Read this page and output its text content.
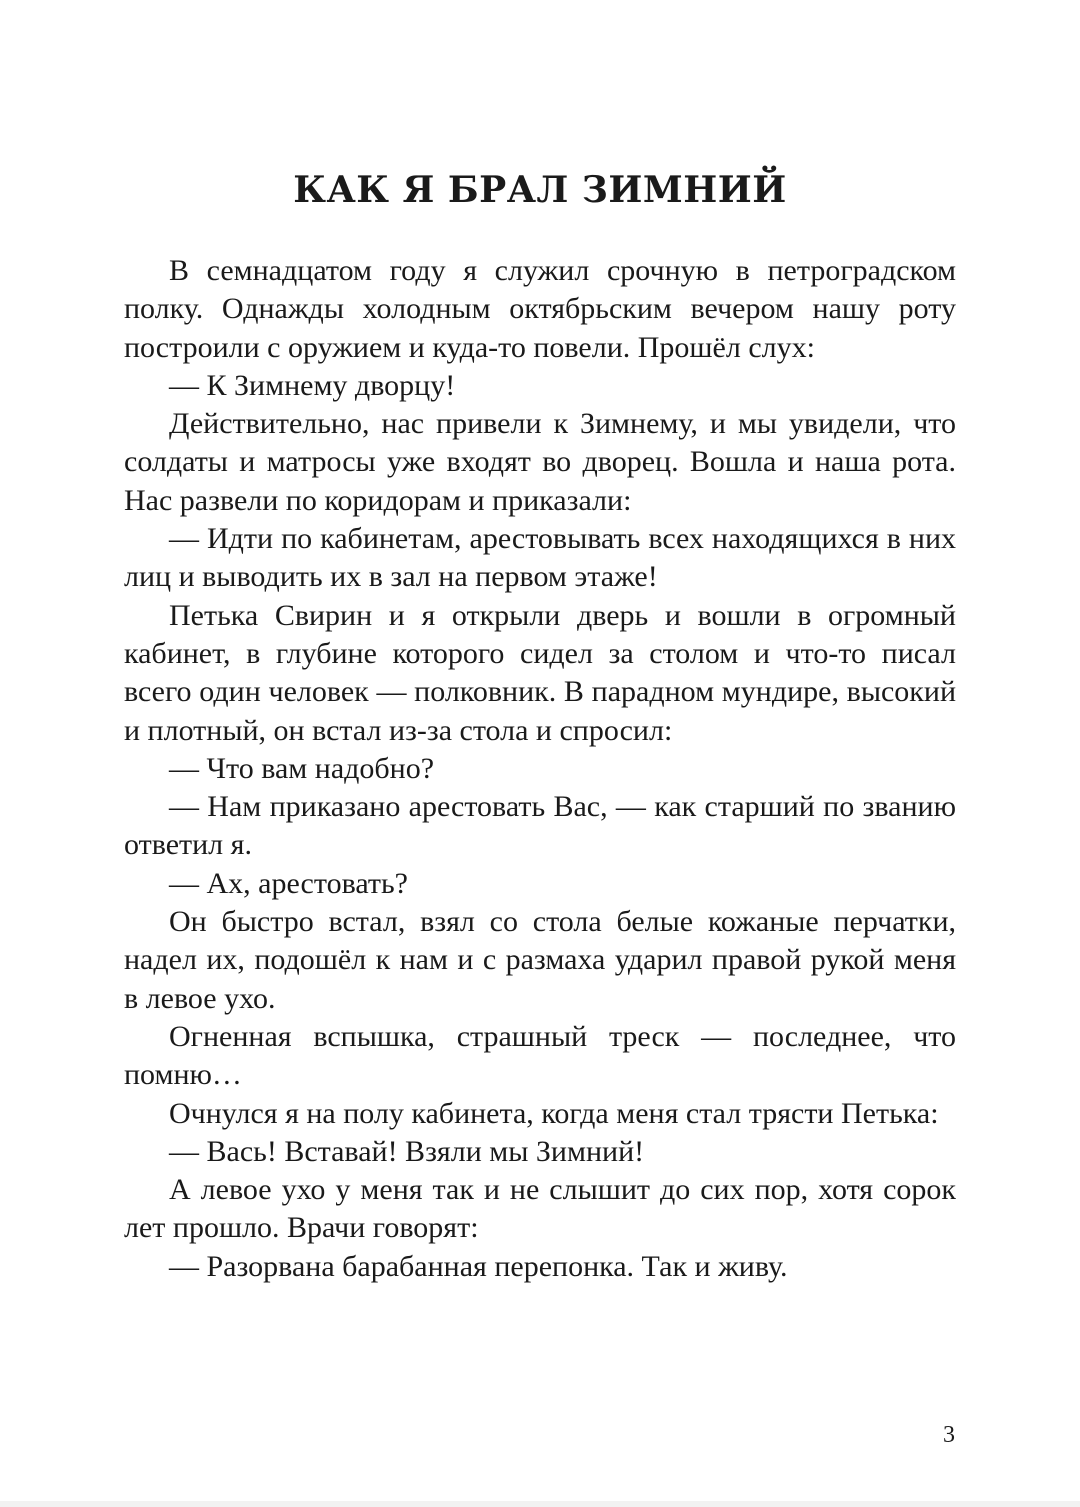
КАК Я БРАЛ ЗИМНИЙ

В семнадцатом году я служил срочную в петроградском полку. Однажды холодным октябрьским вечером нашу роту построили с оружием и куда-то повели. Прошёл слух:

— К Зимнему дворцу!

Действительно, нас привели к Зимнему, и мы увидели, что солдаты и матросы уже входят во дворец. Вошла и наша рота. Нас развели по коридорам и приказали:

— Идти по кабинетам, арестовывать всех находящихся в них лиц и выводить их в зал на первом этаже!

Петька Свирин и я открыли дверь и вошли в огромный кабинет, в глубине которого сидел за столом и что-то писал всего один человек — полковник. В парадном мундире, высокий и плотный, он встал из-за стола и спросил:

— Что вам надобно?

— Нам приказано арестовать Вас, — как старший по званию ответил я.

— Ах, арестовать?

Он быстро встал, взял со стола белые кожаные перчатки, надел их, подошёл к нам и с размаха ударил правой рукой меня в левое ухо.

Огненная вспышка, страшный треск — последнее, что помню…

Очнулся я на полу кабинета, когда меня стал трясти Петька:

— Вась! Вставай! Взяли мы Зимний!

А левое ухо у меня так и не слышит до сих пор, хотя сорок лет прошло. Врачи говорят:

— Разорвана барабанная перепонка. Так и живу.

3
